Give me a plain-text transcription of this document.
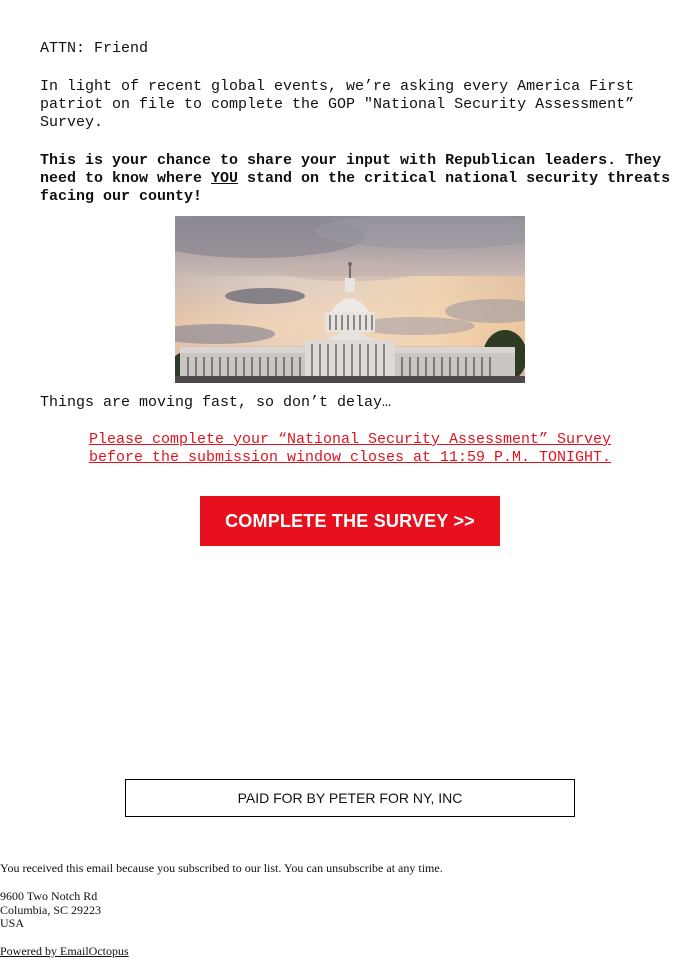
ATTN: Friend

In light of recent global events, we’re asking every America First patriot on file to complete the GOP "National Security Assessment” Survey.

This is your chance to share your input with Republican leaders. They need to know where YOU stand on the critical national security threats facing our county!

Things are moving fast, so don’t delay…

Please complete your “National Security Assessment” Survey
before the submission window closes at 11:59 P.M. TONIGHT.

COMPLETE THE SURVEY >>
PAID FOR BY PETER FOR NY, INC

You received this email because you subscribed to our list. You can unsubscribe at any time.

9600 Two Notch Rd
Columbia, SC 29223
USA

Powered by EmailOctopus
